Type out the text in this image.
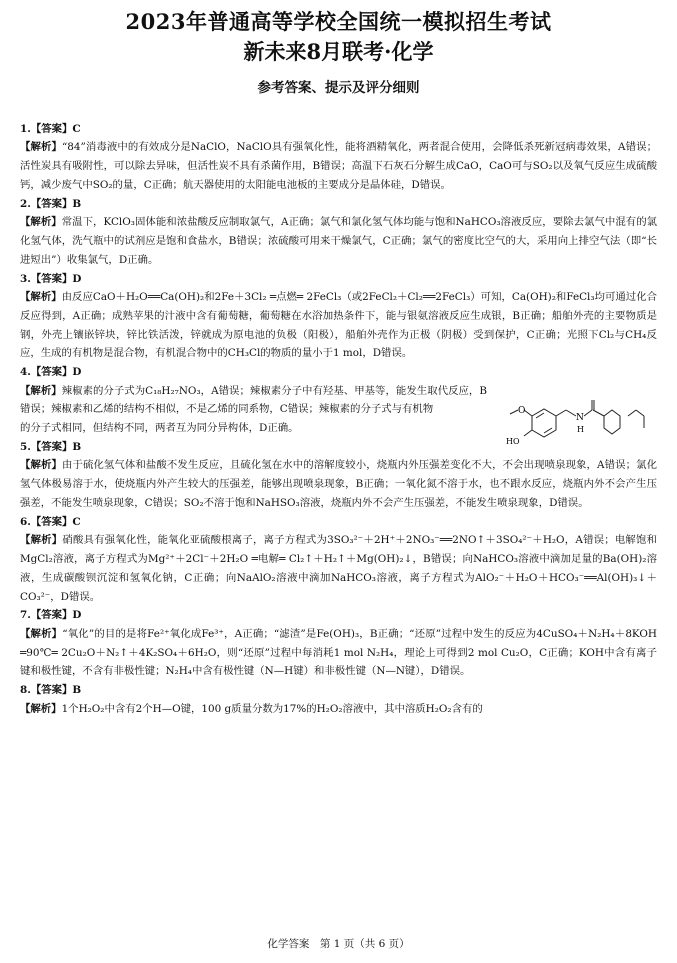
2023年普通高等学校全国统一模拟招生考试
新未来8月联考·化学
参考答案、提示及评分细则
1.【答案】C

【解析】“84”消毒液中的有效成分是NaClO，NaClO具有强氧化性，能将酒精氧化，两者混合使用，会降低杀死新冠病毒效果，A错误；活性炭具有吸附性，可以除去异味，但活性炭不具有杀菌作用，B错误；高温下石灰石分解生成CaO，CaO可与SO₂以及氧气反应生成硫酸钙，减少废气中SO₂的量，C正确；航天器使用的太阳能电池板的主要成分是晶体硅，D错误。

2.【答案】B

【解析】常温下，KClO₃固体能和浓盐酸反应制取氯气，A正确；氯气和氯化氢气体均能与饱和NaHCO₃溶液反应，要除去氯气中混有的氯化氢气体，洗气瓶中的试剂应是饱和食盐水，B错误；浓硫酸可用来干燥氯气，C正确；氯气的密度比空气的大，采用向上排空气法（即“长进短出”）收集氯气，D正确。

3.【答案】D

【解析】由反应CaO＋H₂O══Ca(OH)₂和2Fe＋3Cl₂ ═点燃═ 2FeCl₃（或2FeCl₂＋Cl₂══2FeCl₃）可知，Ca(OH)₂和FeCl₃均可通过化合反应得到，A正确；成熟苹果的汁液中含有葡萄糖，葡萄糖在水浴加热条件下，能与银氨溶液反应生成银，B正确；船舶外壳的主要物质是钢，外壳上镶嵌锌块，锌比铁活泼，锌就成为原电池的负极（阳极），船舶外壳作为正极（阴极）受到保护，C正确；光照下Cl₂与CH₄反应，生成的有机物是混合物，有机混合物中的CH₃Cl的物质的量小于1 mol，D错误。

4.【答案】D

【解析】辣椒素的分子式为C₁₈H₂₇NO₃，A错误；辣椒素分子中有羟基、甲基等，能发生取代反应，B错误；辣椒素和乙烯的结构不相似，不是乙烯的同系物，C错误；辣椒素的分子式与有机物	O
HO
N
H

的分子式相同，但结构不同，两者互为同分异构体，D正确。

5.【答案】B

【解析】由于硫化氢气体和盐酸不发生反应，且硫化氢在水中的溶解度较小，烧瓶内外压强差变化不大，不会出现喷泉现象，A错误；氯化氢气体极易溶于水，使烧瓶内外产生较大的压强差，能够出现喷泉现象，B正确；一氧化氮不溶于水，也不跟水反应，烧瓶内外不会产生压强差，不能发生喷泉现象，C错误；SO₂不溶于饱和NaHSO₃溶液，烧瓶内外不会产生压强差，不能发生喷泉现象，D错误。

6.【答案】C

【解析】硝酸具有强氧化性，能氧化亚硫酸根离子，离子方程式为3SO₃²⁻＋2H⁺＋2NO₃⁻══2NO↑＋3SO₄²⁻＋H₂O，A错误；电解饱和MgCl₂溶液，离子方程式为Mg²⁺＋2Cl⁻＋2H₂O ═电解═ Cl₂↑＋H₂↑＋Mg(OH)₂↓，B错误；向NaHCO₃溶液中滴加足量的Ba(OH)₂溶液，生成碳酸钡沉淀和氢氧化钠，C正确；向NaAlO₂溶液中滴加NaHCO₃溶液，离子方程式为AlO₂⁻＋H₂O＋HCO₃⁻══Al(OH)₃↓＋CO₃²⁻，D错误。

7.【答案】D

【解析】“氧化”的目的是将Fe²⁺氧化成Fe³⁺，A正确；“滤渣”是Fe(OH)₃，B正确；“还原”过程中发生的反应为4CuSO₄＋N₂H₄＋8KOH ═90℃═ 2Cu₂O＋N₂↑＋4K₂SO₄＋6H₂O，则“还原”过程中每消耗1 mol N₂H₄，理论上可得到2 mol Cu₂O，C正确；KOH中含有离子键和极性键，不含有非极性键；N₂H₄中含有极性键（N—H键）和非极性键（N—N键），D错误。

8.【答案】B

【解析】1个H₂O₂中含有2个H—O键，100 g质量分数为17%的H₂O₂溶液中，其中溶质H₂O₂含有的

化学答案　第 1 页（共 6 页）
